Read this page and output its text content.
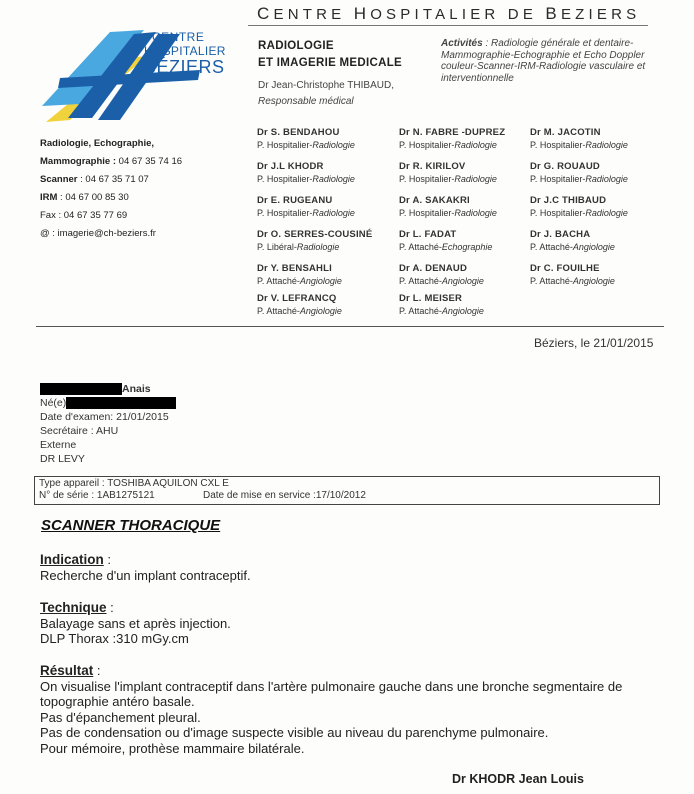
CENTRE HOSPITALIER DE BEZIERS
CENTRE
HOSPITALIER
BÉZIERS
RADIOLOGIE
ET IMAGERIE MEDICALE
Dr Jean-Christophe THIBAUD,
Responsable médical
Activités : Radiologie générale et dentaire-Mammographie-Echographie et Echo Doppler couleur-Scanner-IRM-Radiologie vasculaire et interventionnelle
Radiologie, Echographie,
Mammographie : 04 67 35 74 16
Scanner : 04 67 35 71 07
IRM : 04 67 00 85 30
Fax : 04 67 35 77 69
@ : imagerie@ch-beziers.fr
Dr S. BENDAHOU
P. Hospitalier-Radiologie
Dr N. FABRE -DUPREZ
P. Hospitalier-Radiologie
Dr M. JACOTIN
P. Hospitalier-Radiologie
Dr J.L KHODR
P. Hospitalier-Radiologie
Dr R. KIRILOV
P. Hospitalier-Radiologie
Dr G. ROUAUD
P. Hospitalier-Radiologie
Dr E. RUGEANU
P. Hospitalier-Radiologie
Dr A. SAKAKRI
P. Hospitalier-Radiologie
Dr J.C THIBAUD
P. Hospitalier-Radiologie
Dr O. SERRES-COUSINÉ
P. Libéral-Radiologie
Dr L. FADAT
P. Attaché-Echographie
Dr J. BACHA
P. Attaché-Angiologie
Dr Y. BENSAHLI
P. Attaché-Angiologie
Dr A. DENAUD
P. Attaché-Angiologie
Dr C. FOUILHE
P. Attaché-Angiologie
Dr V. LEFRANCQ
P. Attaché-Angiologie
Dr L. MEISER
P. Attaché-Angiologie
Béziers, le 21/01/2015
Anais
Né(e)
Date d'examen: 21/01/2015
Secrétaire : AHU
Externe
DR LEVY
Type appareil : TOSHIBA AQUILON CXL E
N° de série : 1AB1275121	Date de mise en service :17/10/2012
SCANNER THORACIQUE
Indication :
Recherche d'un implant contraceptif.
Technique :
Balayage sans et après injection.
DLP Thorax :310 mGy.cm
Résultat :
On visualise l'implant contraceptif dans l'artère pulmonaire gauche dans une bronche segmentaire de
topographie antéro basale.
Pas d'épanchement pleural.
Pas de condensation ou d'image suspecte visible au niveau du parenchyme pulmonaire.
Pour mémoire, prothèse mammaire bilatérale.
Dr KHODR Jean Louis
